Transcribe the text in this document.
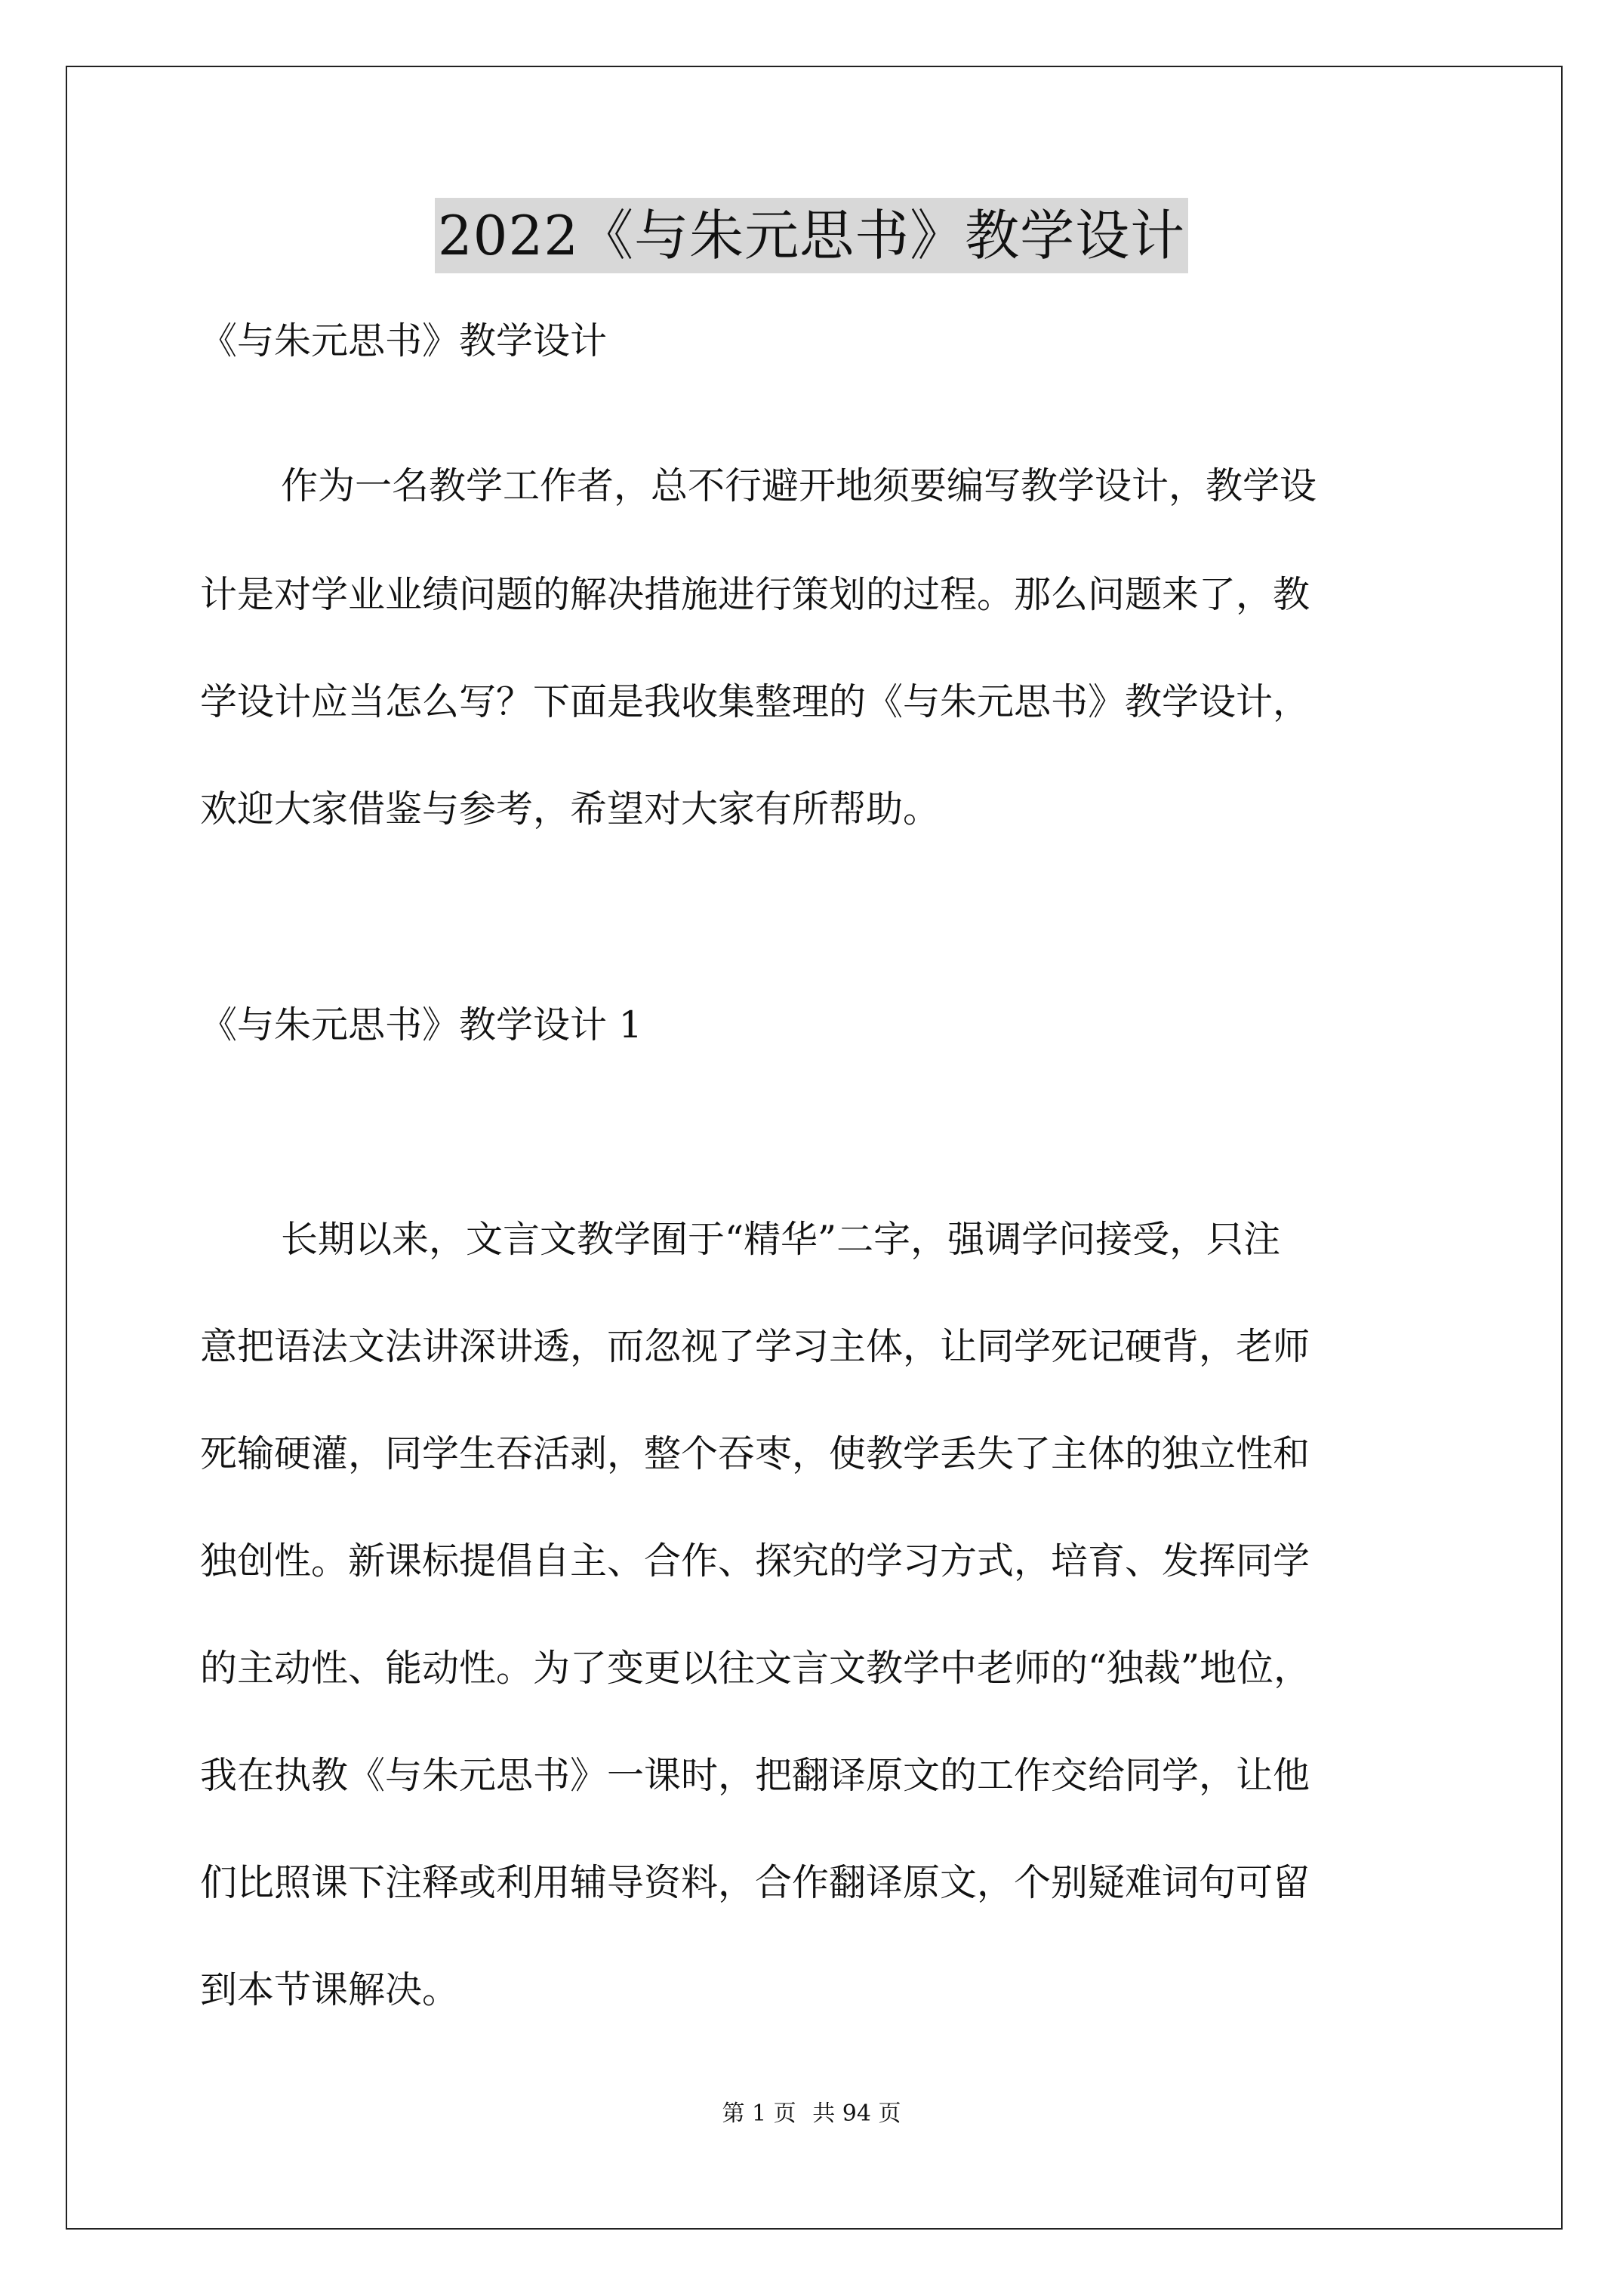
2022《与朱元思书》教学设计

《与朱元思书》教学设计

作为一名教学工作者，总不行避开地须要编写教学设计，教学设

计是对学业业绩问题的解决措施进行策划的过程。那么问题来了，教

学设计应当怎么写？下面是我收集整理的《与朱元思书》教学设计，

欢迎大家借鉴与参考，希望对大家有所帮助。

《与朱元思书》教学设计 1

长期以来，文言文教学囿于“精华”二字，强调学问接受，只注

意把语法文法讲深讲透，而忽视了学习主体，让同学死记硬背，老师

死输硬灌，同学生吞活剥，整个吞枣，使教学丢失了主体的独立性和

独创性。新课标提倡自主、合作、探究的学习方式，培育、发挥同学

的主动性、能动性。为了变更以往文言文教学中老师的“独裁”地位，

我在执教《与朱元思书》一课时，把翻译原文的工作交给同学，让他

们比照课下注释或利用辅导资料，合作翻译原文，个别疑难词句可留

到本节课解决。

第 1 页 共 94 页
